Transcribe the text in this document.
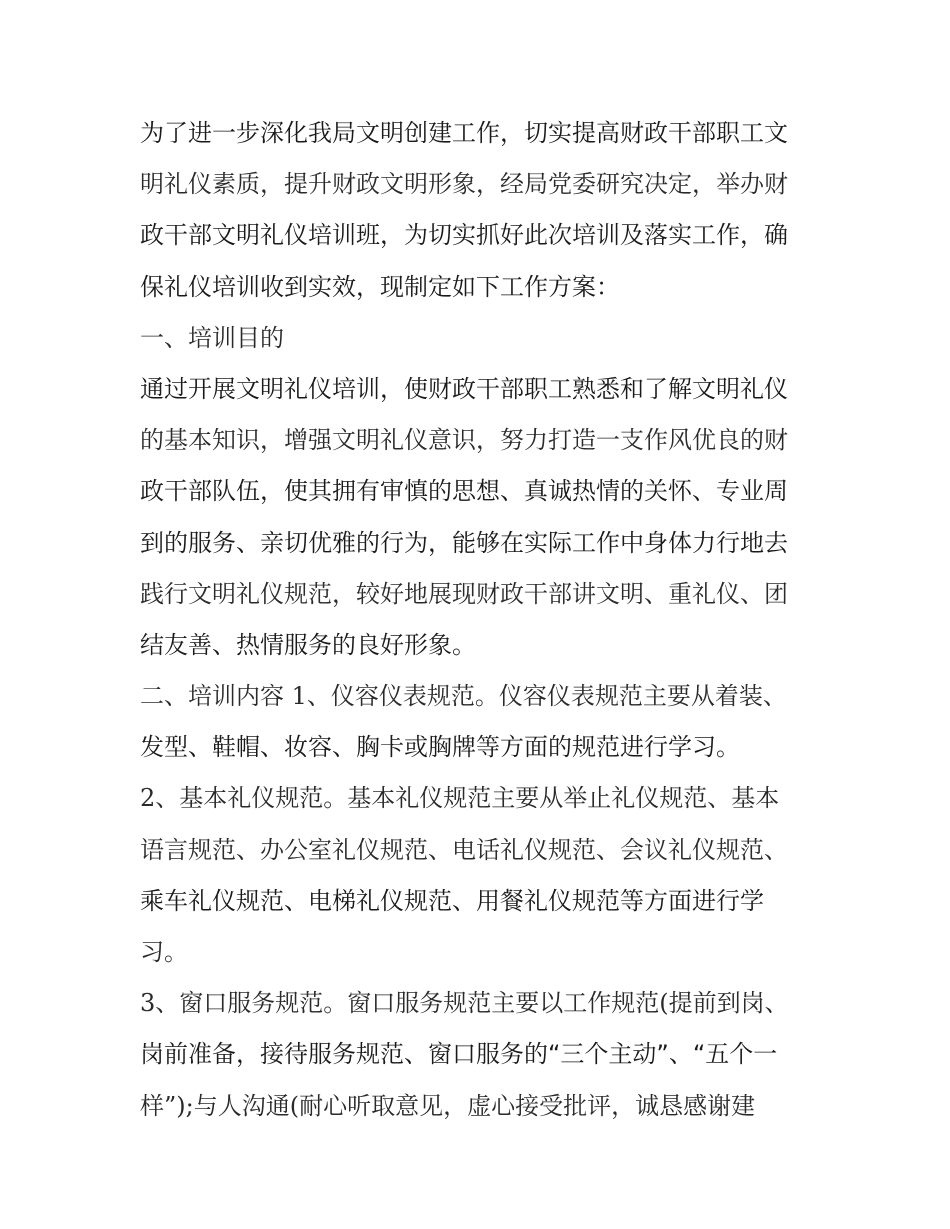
为了进一步深化我局文明创建工作，切实提高财政干部职工文
明礼仪素质，提升财政文明形象，经局党委研究决定，举办财
政干部文明礼仪培训班，为切实抓好此次培训及落实工作，确
保礼仪培训收到实效，现制定如下工作方案：
一、培训目的
通过开展文明礼仪培训，使财政干部职工熟悉和了解文明礼仪
的基本知识，增强文明礼仪意识，努力打造一支作风优良的财
政干部队伍，使其拥有审慎的思想、真诚热情的关怀、专业周
到的服务、亲切优雅的行为，能够在实际工作中身体力行地去
践行文明礼仪规范，较好地展现财政干部讲文明、重礼仪、团
结友善、热情服务的良好形象。
二、培训内容 1、仪容仪表规范。仪容仪表规范主要从着装、
发型、鞋帽、妆容、胸卡或胸牌等方面的规范进行学习。
2、基本礼仪规范。基本礼仪规范主要从举止礼仪规范、基本
语言规范、办公室礼仪规范、电话礼仪规范、会议礼仪规范、
乘车礼仪规范、电梯礼仪规范、用餐礼仪规范等方面进行学
习。
3、窗口服务规范。窗口服务规范主要以工作规范(提前到岗、
岗前准备，接待服务规范、窗口服务的“三个主动”、“五个一
样”);与人沟通(耐心听取意见，虚心接受批评，诚恳感谢建
